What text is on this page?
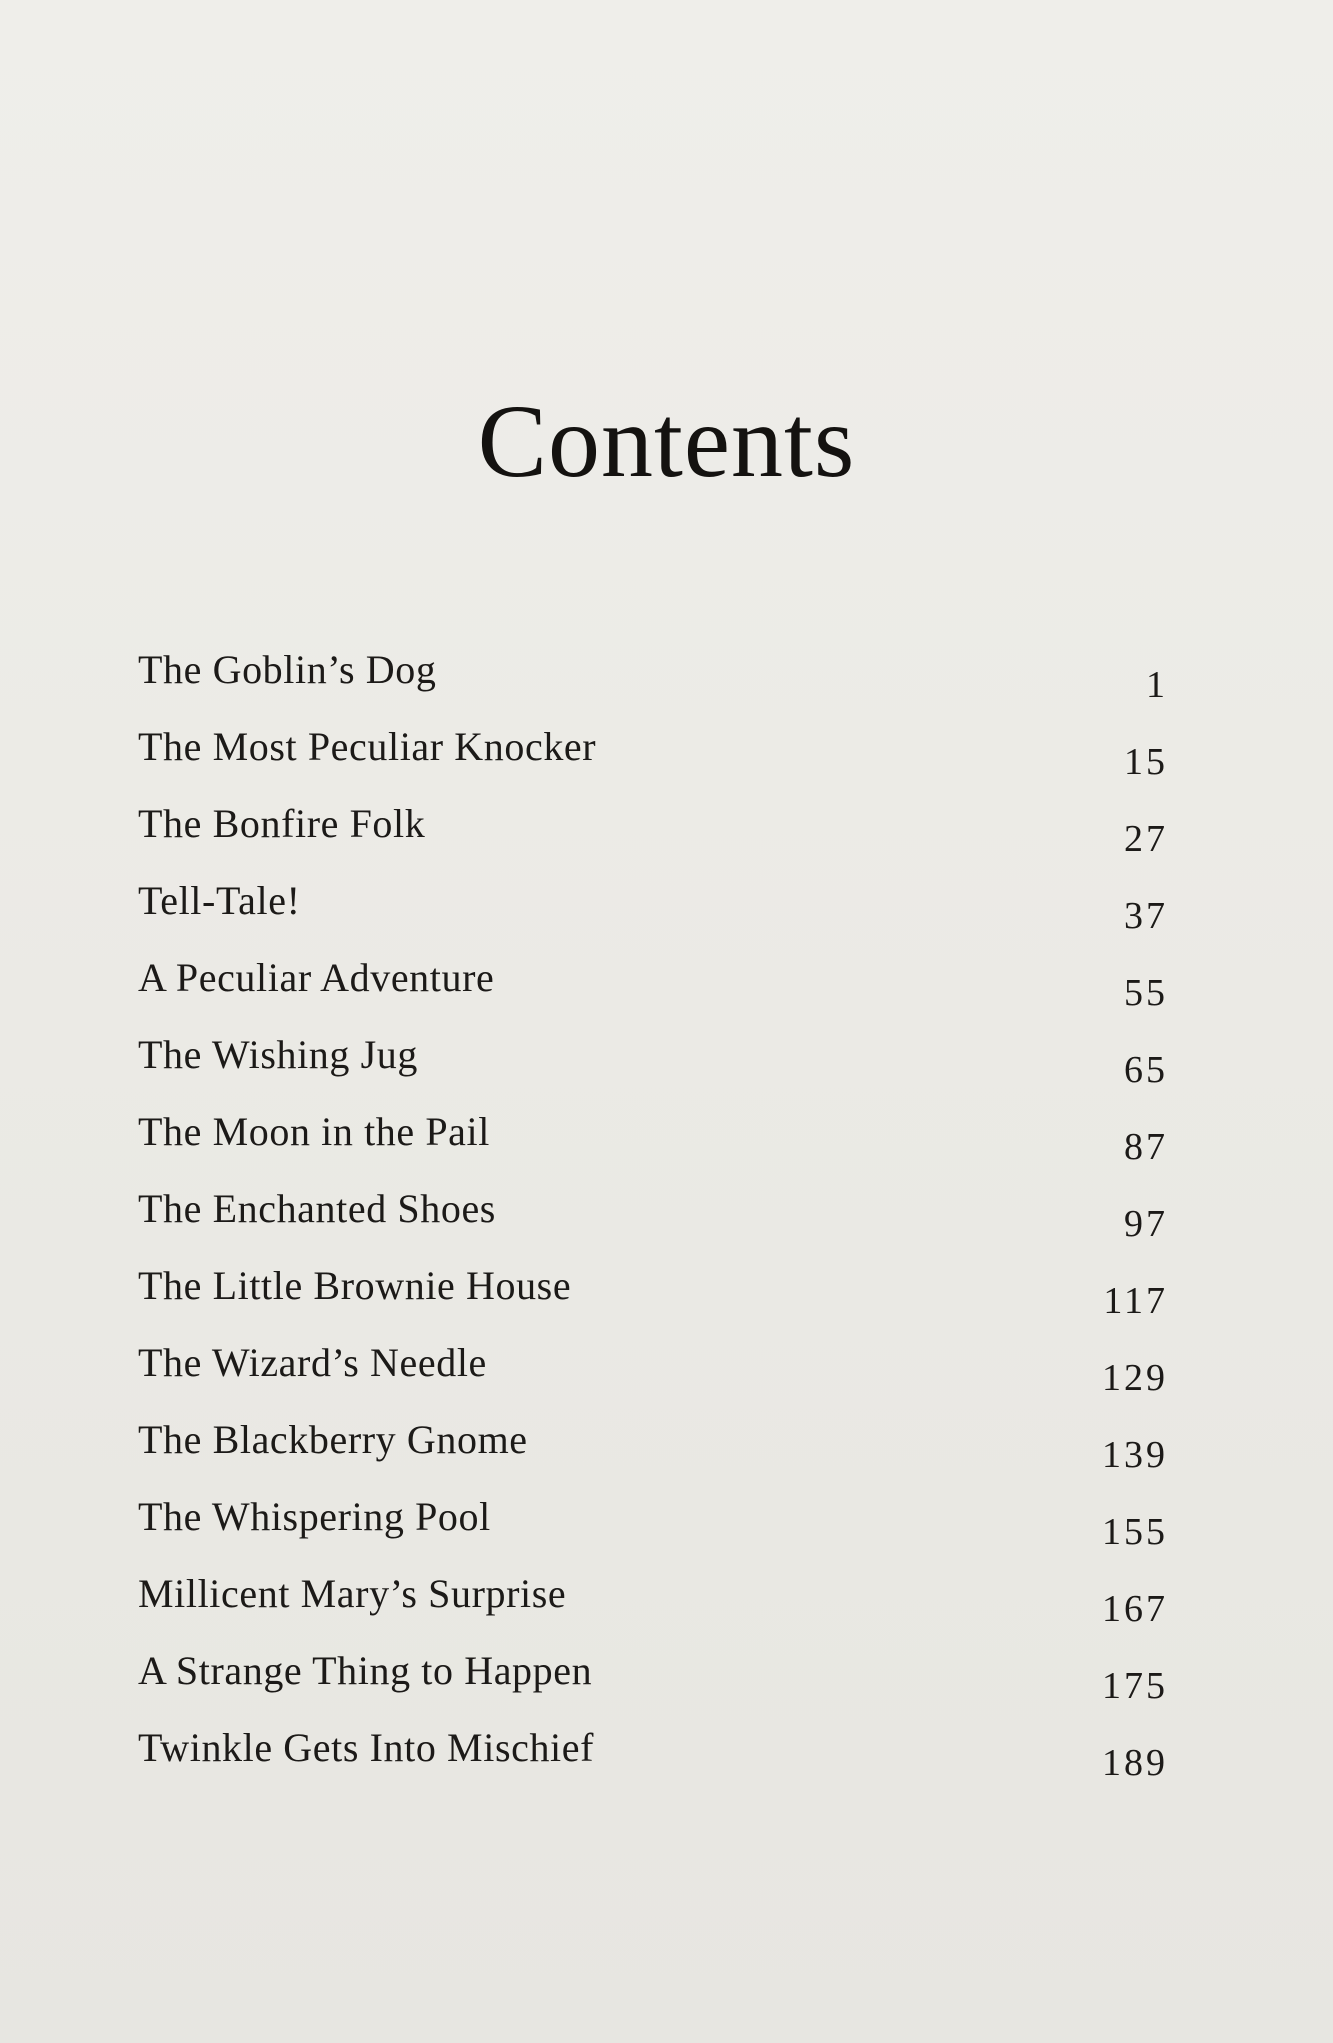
Contents
The Goblin’s Dog	1
The Most Peculiar Knocker	15
The Bonfire Folk	27
Tell-Tale!	37
A Peculiar Adventure	55
The Wishing Jug	65
The Moon in the Pail	87
The Enchanted Shoes	97
The Little Brownie House	117
The Wizard’s Needle	129
The Blackberry Gnome	139
The Whispering Pool	155
Millicent Mary’s Surprise	167
A Strange Thing to Happen	175
Twinkle Gets Into Mischief	189
